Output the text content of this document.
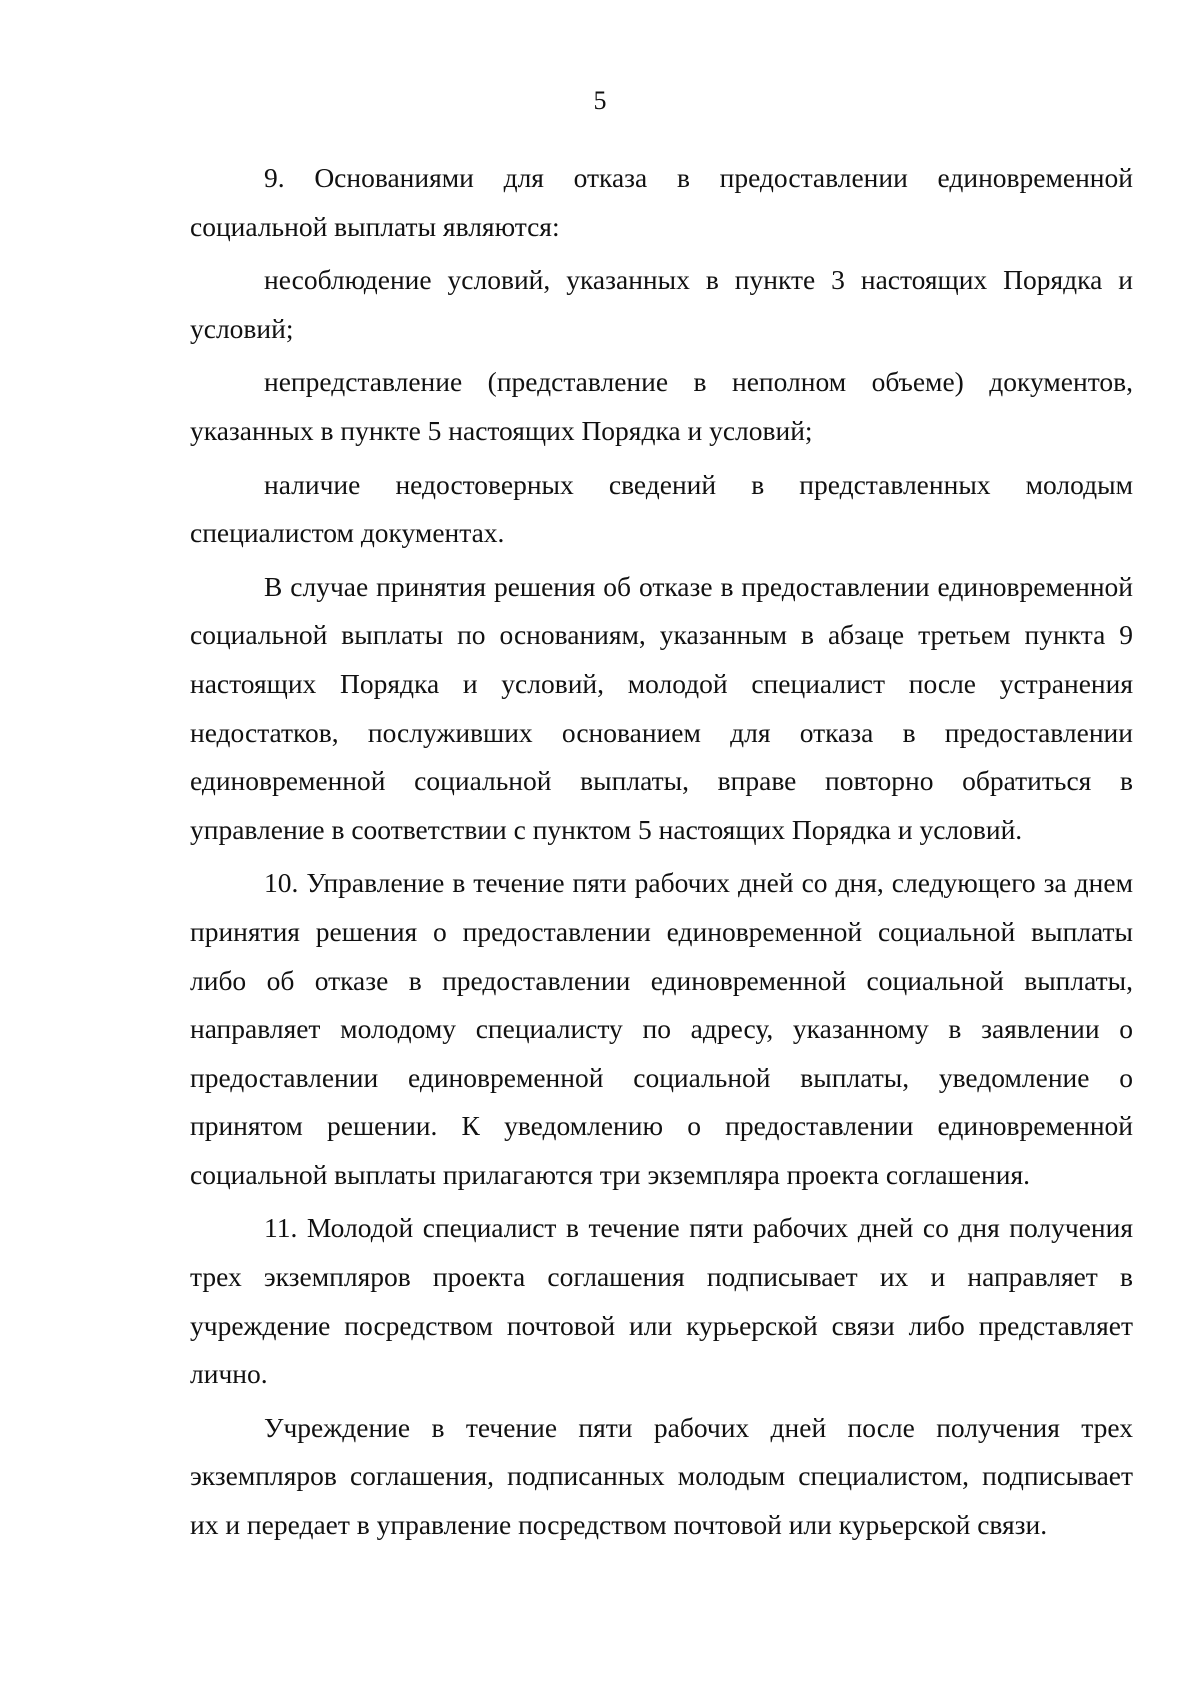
5

9. Основаниями для отказа в предоставлении единовременной социальной выплаты являются:

несоблюдение условий, указанных в пункте 3 настоящих Порядка и условий;

непредставление (представление в неполном объеме) документов, указанных в пункте 5 настоящих Порядка и условий;

наличие недостоверных сведений в представленных молодым специалистом документах.

В случае принятия решения об отказе в предоставлении единовременной социальной выплаты по основаниям, указанным в абзаце третьем пункта 9 настоящих Порядка и условий, молодой специалист после устранения недостатков, послуживших основанием для отказа в предоставлении единовременной социальной выплаты, вправе повторно обратиться в управление в соответствии с пунктом 5 настоящих Порядка и условий.

10. Управление в течение пяти рабочих дней со дня, следующего за днем принятия решения о предоставлении единовременной социальной выплаты либо об отказе в предоставлении единовременной социальной выплаты, направляет молодому специалисту по адресу, указанному в заявлении о предоставлении единовременной социальной выплаты, уведомление о принятом решении. К уведомлению о предоставлении единовременной социальной выплаты прилагаются три экземпляра проекта соглашения.

11. Молодой специалист в течение пяти рабочих дней со дня получения трех экземпляров проекта соглашения подписывает их и направляет в учреждение посредством почтовой или курьерской связи либо представляет лично.

Учреждение в течение пяти рабочих дней после получения трех экземпляров соглашения, подписанных молодым специалистом, подписывает их и передает в управление посредством почтовой или курьерской связи.
